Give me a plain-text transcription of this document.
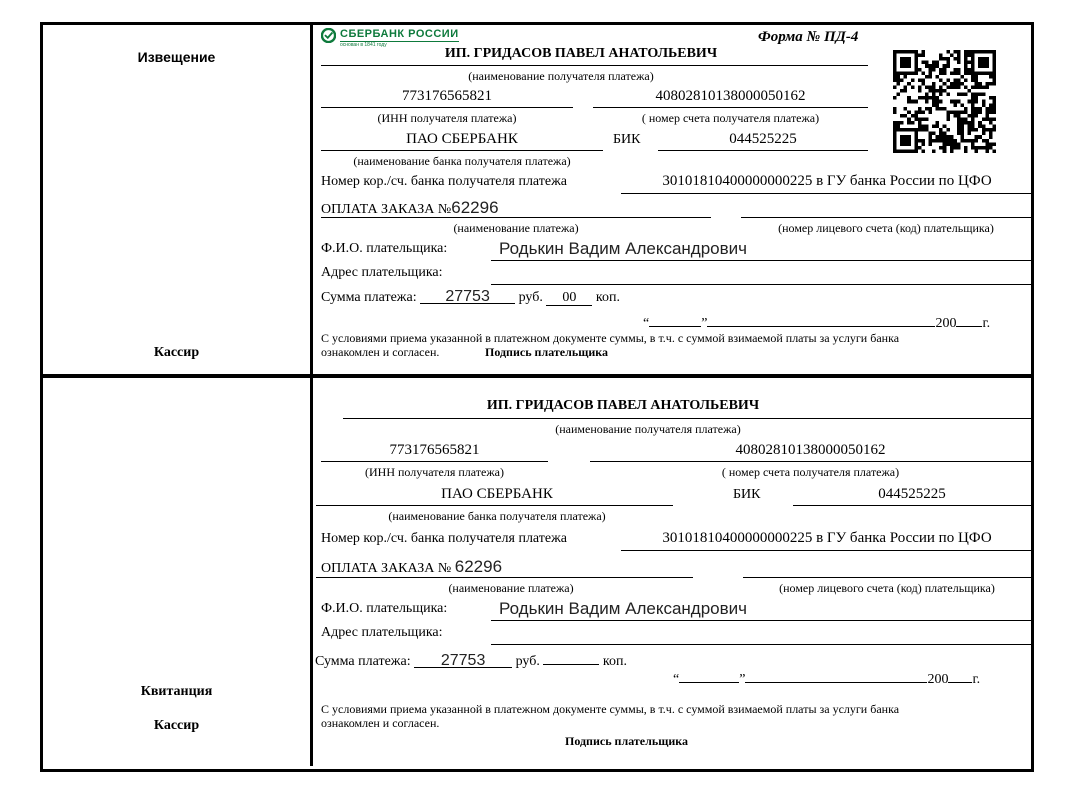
Извещение
Кассир
СБЕРБАНК РОССИИ
основан в 1841 году	Форма № ПД-4
ИП. ГРИДАСОВ ПАВЕЛ АНАТОЛЬЕВИЧ
(наименование получателя платежа)
773176565821	40802810138000050162
(ИНН получателя платежа)	( номер счета получателя платежа)
ПАО СБЕРБАНК	БИК	044525225
(наименование банка получателя платежа)
Номер кор./сч. банка получателя платежа	30101810400000000225 в ГУ банка России по ЦФО
ОПЛАТА ЗАКАЗА №62296
(наименование платежа)	(номер лицевого счета (код) плательщика)
Ф.И.О. плательщика:	Родькин Вадим Александрович
Адрес плательщика:
Сумма платежа: 27753 руб. 00 коп.
“	”	200 г.
С условиями приема указанной в платежном документе суммы, в т.ч. с суммой взимаемой платы за услуги банка
ознакомлен и согласен.	Подпись плательщика
Квитанция
Кассир
ИП. ГРИДАСОВ ПАВЕЛ АНАТОЛЬЕВИЧ
(наименование получателя платежа)
773176565821	40802810138000050162
(ИНН получателя платежа)	( номер счета получателя платежа)
ПАО СБЕРБАНК	БИК	044525225
(наименование банка получателя платежа)
Номер кор./сч. банка получателя платежа	30101810400000000225 в ГУ банка России по ЦФО
ОПЛАТА ЗАКАЗА № 62296
(наименование платежа)	(номер лицевого счета (код) плательщика)
Ф.И.О. плательщика:	Родькин Вадим Александрович
Адрес плательщика:
Сумма платежа: 27753 руб.	коп.
“	”	200 г.
С условиями приема указанной в платежном документе суммы, в т.ч. с суммой взимаемой платы за услуги банка
ознакомлен и согласен.
Подпись плательщика
